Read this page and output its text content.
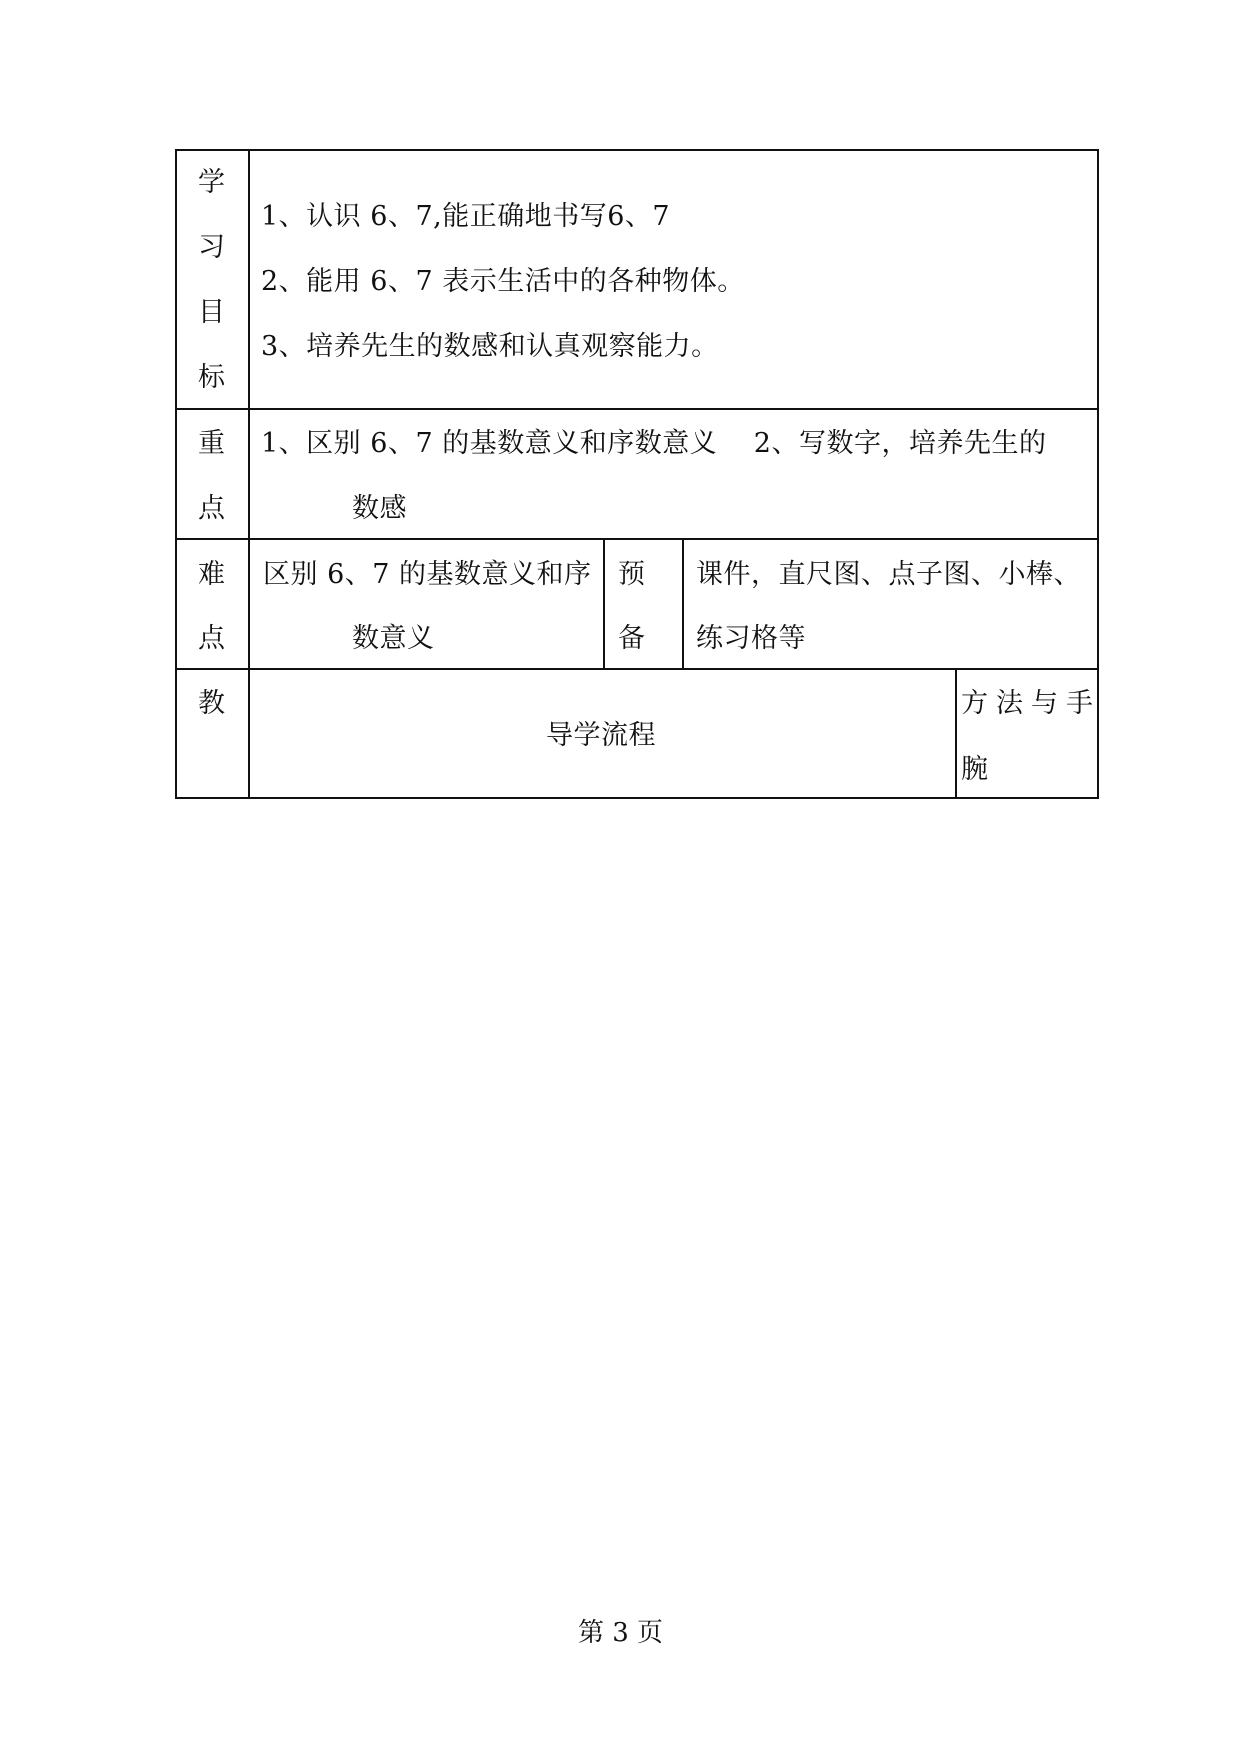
学
习
目
标
1、认识 6、7,能正确地书写6、7
2、能用 6、7 表示生活中的各种物体。
3、培养先生的数感和认真观察能力。
重
点
1、区别 6、7 的基数意义和序数意义　 2、写数字，培养先生的
数感
难
点
区别 6、7 的基数意义和序
数意义
预
备
课件，直尺图、点子图、小棒、
练习格等
教
导学流程
方法与手
腕
第 3 页
